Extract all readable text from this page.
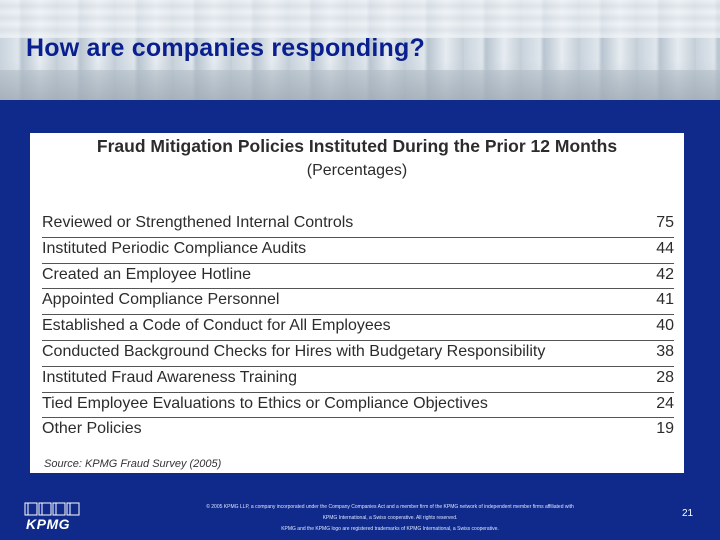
How are companies responding?
Fraud Mitigation Policies Instituted During the Prior 12 Months
(Percentages)
Reviewed or Strengthened Internal Controls	75
Instituted Periodic Compliance Audits	44
Created an Employee Hotline	42
Appointed Compliance Personnel	41
Established a Code of Conduct for All Employees	40
Conducted Background Checks for Hires with Budgetary Responsibility	38
Instituted Fraud Awareness Training	28
Tied Employee Evaluations to Ethics or Compliance Objectives	24
Other Policies	19
Source: KPMG Fraud Survey (2005)
KPMG
© 2005 KPMG LLP, a company incorporated under the Company Companies Act and a member firm of the KPMG network of independent member firms affiliated with
KPMG International, a Swiss cooperative. All rights reserved.
KPMG and the KPMG logo are registered trademarks of KPMG International, a Swiss cooperative.
21
